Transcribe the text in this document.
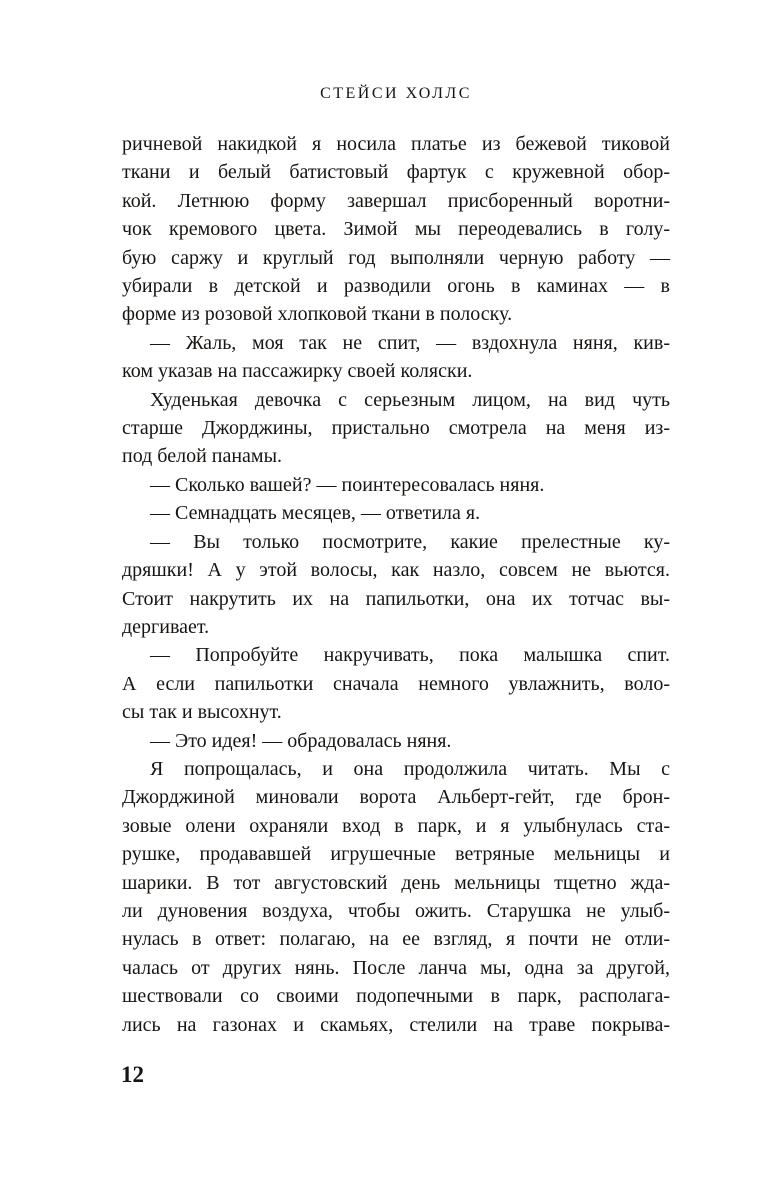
СТЕЙСИ ХОЛЛС
ричневой накидкой я носила платье из бежевой тиковой
ткани и белый батистовый фартук с кружевной обор-
кой. Летнюю форму завершал присборенный воротни-
чок кремового цвета. Зимой мы переодевались в голу-
бую саржу и круглый год выполняли черную работу —
убирали в детской и разводили огонь в каминах — в
форме из розовой хлопковой ткани в полоску.
— Жаль, моя так не спит, — вздохнула няня, кив-
ком указав на пассажирку своей коляски.
Худенькая девочка с серьезным лицом, на вид чуть
старше Джорджины, пристально смотрела на меня из-
под белой панамы.
— Сколько вашей? — поинтересовалась няня.
— Семнадцать месяцев, — ответила я.
— Вы только посмотрите, какие прелестные ку-
дряшки! А у этой волосы, как назло, совсем не вьются.
Стоит накрутить их на папильотки, она их тотчас вы-
дергивает.
— Попробуйте накручивать, пока малышка спит.
А если папильотки сначала немного увлажнить, воло-
сы так и высохнут.
— Это идея! — обрадовалась няня.
Я попрощалась, и она продолжила читать. Мы с
Джорджиной миновали ворота Альберт-гейт, где брон-
зовые олени охраняли вход в парк, и я улыбнулась ста-
рушке, продававшей игрушечные ветряные мельницы и
шарики. В тот августовский день мельницы тщетно жда-
ли дуновения воздуха, чтобы ожить. Старушка не улыб-
нулась в ответ: полагаю, на ее взгляд, я почти не отли-
чалась от других нянь. После ланча мы, одна за другой,
шествовали со своими подопечными в парк, располага-
лись на газонах и скамьях, стелили на траве покрыва-
12
